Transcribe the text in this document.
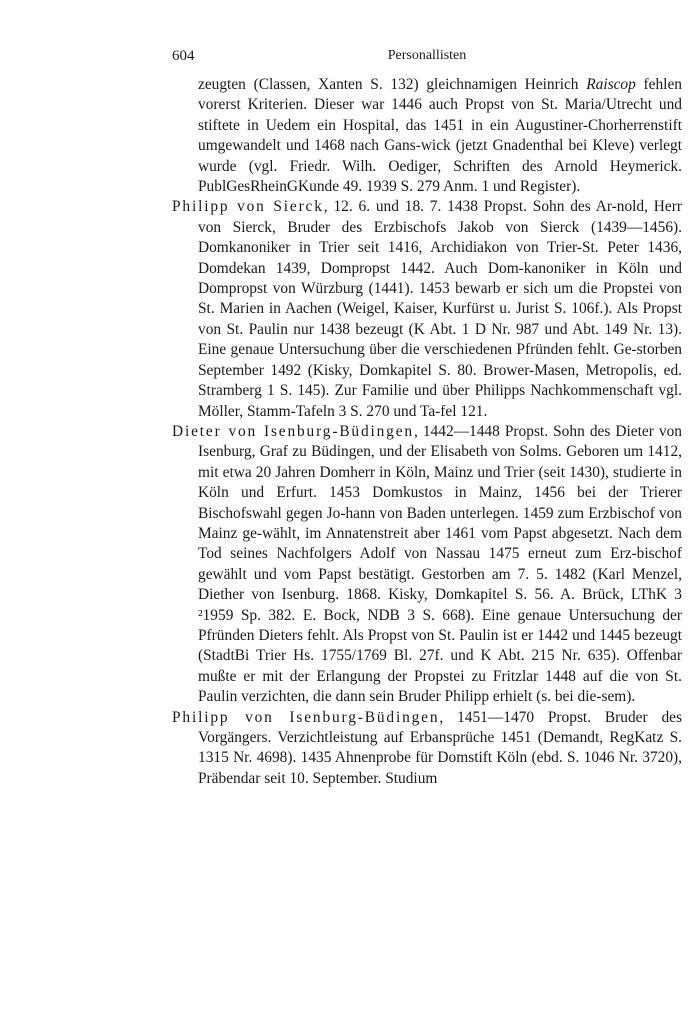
604	Personallisten

zeugten (Classen, Xanten S. 132) gleichnamigen Heinrich Raiscop fehlen vorerst Kriterien. Dieser war 1446 auch Propst von St. Maria/Utrecht und stiftete in Uedem ein Hospital, das 1451 in ein Augustiner-Chorherrenstift umgewandelt und 1468 nach Gans-wick (jetzt Gnadenthal bei Kleve) verlegt wurde (vgl. Friedr. Wilh. Oediger, Schriften des Arnold Heymerick. PublGesRheinGKunde 49. 1939 S. 279 Anm. 1 und Register).

Philipp von Sierck, 12. 6. und 18. 7. 1438 Propst. Sohn des Ar-nold, Herr von Sierck, Bruder des Erzbischofs Jakob von Sierck (1439—1456). Domkanoniker in Trier seit 1416, Archidiakon von Trier-St. Peter 1436, Domdekan 1439, Dompropst 1442. Auch Dom-kanoniker in Köln und Dompropst von Würzburg (1441). 1453 bewarb er sich um die Propstei von St. Marien in Aachen (Weigel, Kaiser, Kurfürst u. Jurist S. 106f.). Als Propst von St. Paulin nur 1438 bezeugt (K Abt. 1 D Nr. 987 und Abt. 149 Nr. 13). Eine genaue Untersuchung über die verschiedenen Pfründen fehlt. Ge-storben September 1492 (Kisky, Domkapitel S. 80. Brower-Masen, Metropolis, ed. Stramberg 1 S. 145). Zur Familie und über Philipps Nachkommenschaft vgl. Möller, Stamm-Tafeln 3 S. 270 und Ta-fel 121.

Dieter von Isenburg-Büdingen, 1442—1448 Propst. Sohn des Dieter von Isenburg, Graf zu Büdingen, und der Elisabeth von Solms. Geboren um 1412, mit etwa 20 Jahren Domherr in Köln, Mainz und Trier (seit 1430), studierte in Köln und Erfurt. 1453 Domkustos in Mainz, 1456 bei der Trierer Bischofswahl gegen Jo-hann von Baden unterlegen. 1459 zum Erzbischof von Mainz ge-wählt, im Annatenstreit aber 1461 vom Papst abgesetzt. Nach dem Tod seines Nachfolgers Adolf von Nassau 1475 erneut zum Erz-bischof gewählt und vom Papst bestätigt. Gestorben am 7. 5. 1482 (Karl Menzel, Diether von Isenburg. 1868. Kisky, Domkapitel S. 56. A. Brück, LThK 3 ²1959 Sp. 382. E. Bock, NDB 3 S. 668). Eine genaue Untersuchung der Pfründen Dieters fehlt. Als Propst von St. Paulin ist er 1442 und 1445 bezeugt (StadtBi Trier Hs. 1755/1769 Bl. 27f. und K Abt. 215 Nr. 635). Offenbar mußte er mit der Erlangung der Propstei zu Fritzlar 1448 auf die von St. Paulin verzichten, die dann sein Bruder Philipp erhielt (s. bei die-sem).

Philipp von Isenburg-Büdingen, 1451—1470 Propst. Bruder des Vorgängers. Verzichtleistung auf Erbansprüche 1451 (Demandt, RegKatz S. 1315 Nr. 4698). 1435 Ahnenprobe für Domstift Köln (ebd. S. 1046 Nr. 3720), Präbendar seit 10. September. Studium
